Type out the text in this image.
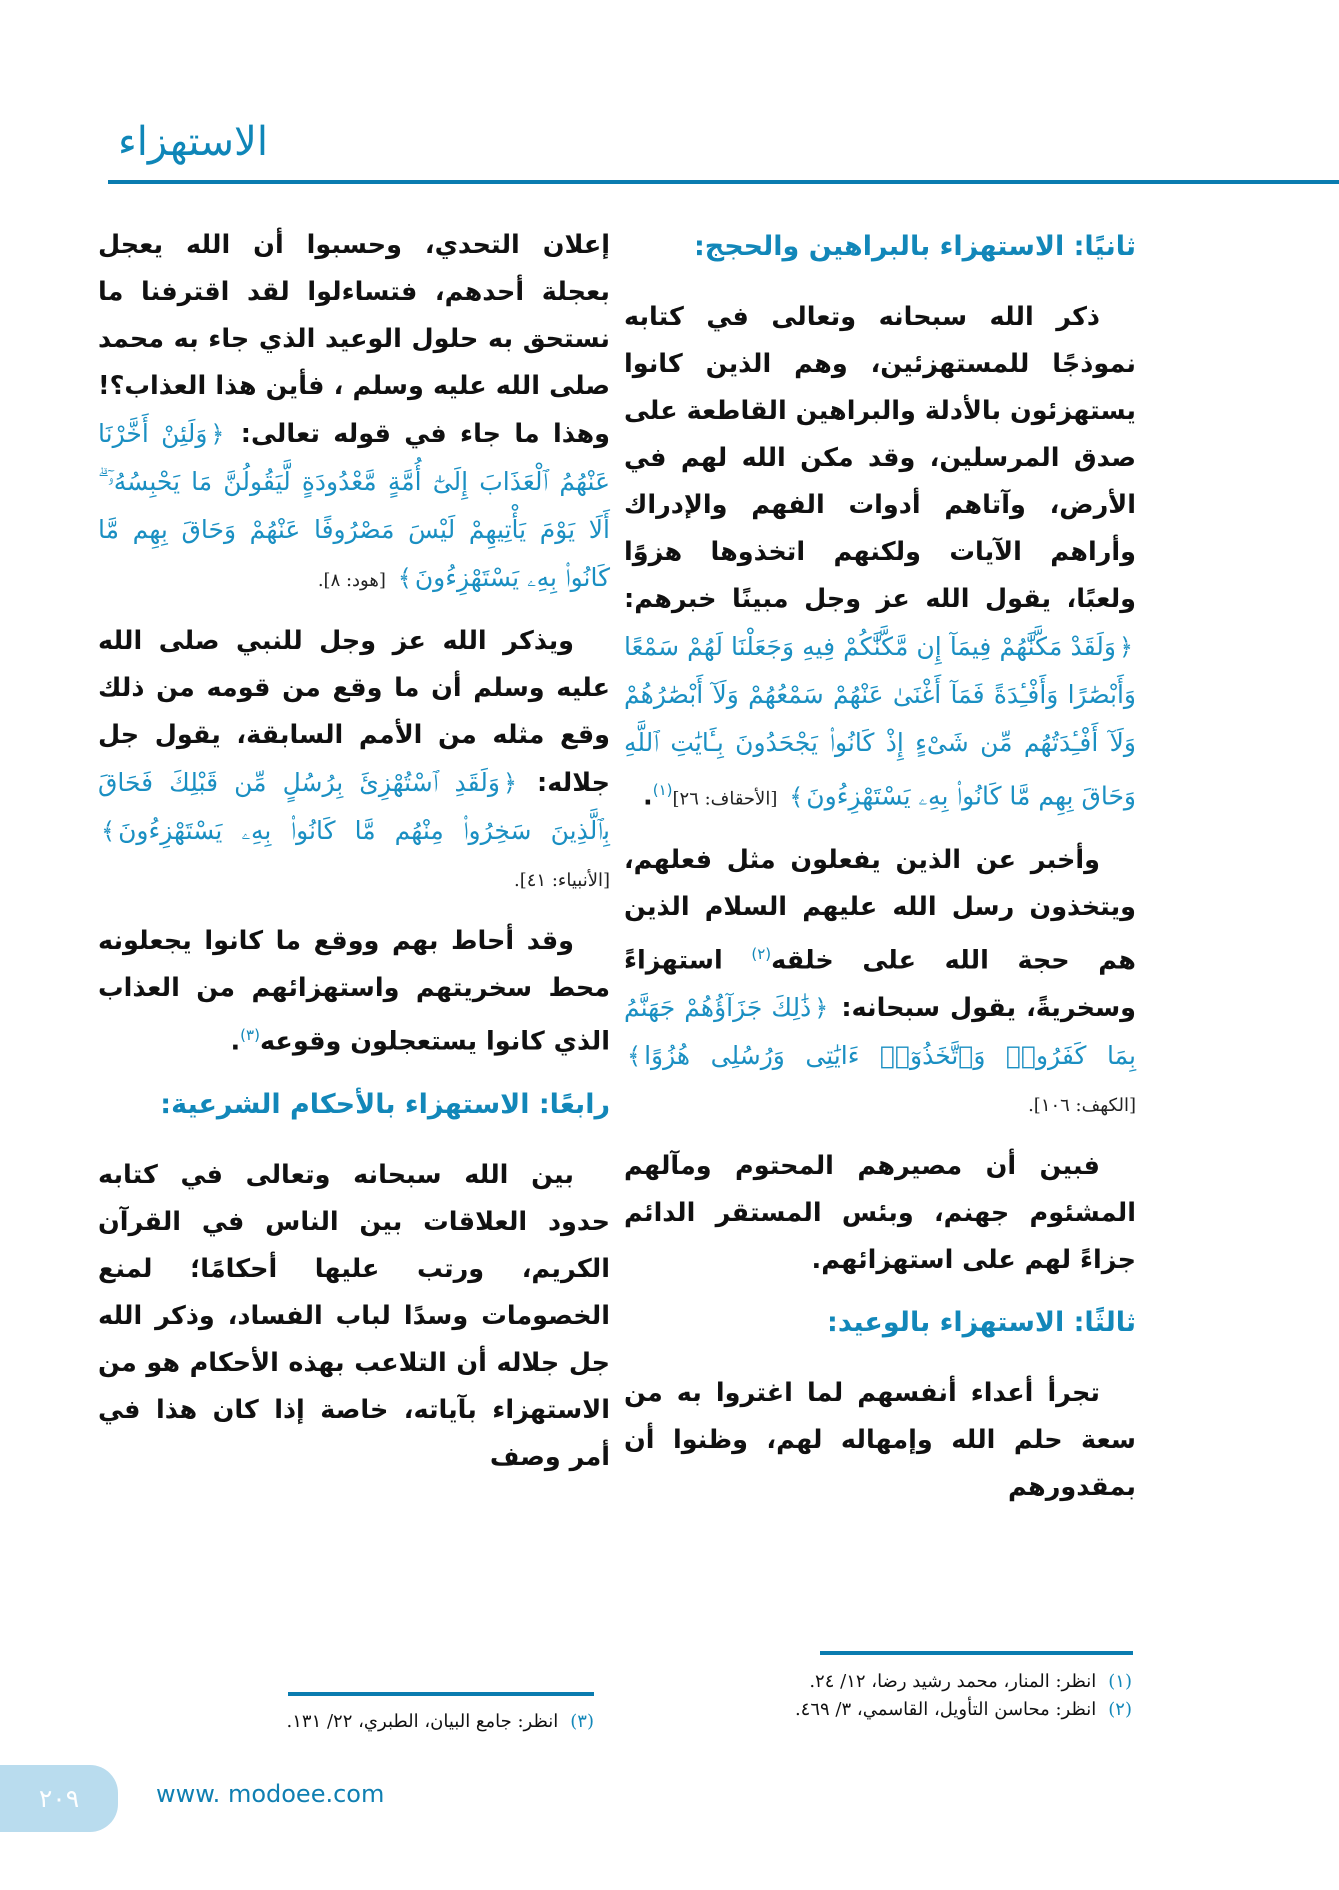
الاستهزاء
ثانيًا: الاستهزاء بالبراهين والحجج:

ذكر الله سبحانه وتعالى في كتابه نموذجًا للمستهزئين، وهم الذين كانوا يستهزئون بالأدلة والبراهين القاطعة على صدق المرسلين، وقد مكن الله لهم في الأرض، وآتاهم أدوات الفهم والإدراك وأراهم الآيات ولكنهم اتخذوها هزوًا ولعبًا، يقول الله عز وجل مبينًا خبرهم: ﴿وَلَقَدْ مَكَّنَّٰهُمْ فِيمَآ إِن مَّكَّنَّٰكُمْ فِيهِ وَجَعَلْنَا لَهُمْ سَمْعًا وَأَبْصَٰرًا وَأَفْـِٔدَةً فَمَآ أَغْنَىٰ عَنْهُمْ سَمْعُهُمْ وَلَآ أَبْصَٰرُهُمْ وَلَآ أَفْـِٔدَتُهُم مِّن شَىْءٍ إِذْ كَانُوا۟ يَجْحَدُونَ بِـَٔايَٰتِ ٱللَّهِ وَحَاقَ بِهِم مَّا كَانُوا۟ بِهِۦ يَسْتَهْزِءُونَ﴾ [الأحقاف: ٢٦]$^{(١)}$.

وأخبر عن الذين يفعلون مثل فعلهم، ويتخذون رسل الله عليهم السلام الذين هم حجة الله على خلقه$^{(٢)}$ استهزاءً وسخريةً، يقول سبحانه: ﴿ذَٰلِكَ جَزَآؤُهُمْ جَهَنَّمُ بِمَا كَفَرُوا۟ وَٱتَّخَذُوٓا۟ ءَايَٰتِى وَرُسُلِى هُزُوًا﴾ [الكهف: ١٠٦].

فبين أن مصيرهم المحتوم ومآلهم المشئوم جهنم، وبئس المستقر الدائم جزاءً لهم على استهزائهم.

ثالثًا: الاستهزاء بالوعيد:

تجرأ أعداء أنفسهم لما اغتروا به من سعة حلم الله وإمهاله لهم، وظنوا أن بمقدورهم

إعلان التحدي، وحسبوا أن الله يعجل بعجلة أحدهم، فتساءلوا لقد اقترفنا ما نستحق به حلول الوعيد الذي جاء به محمد صلى الله عليه وسلم ، فأين هذا العذاب؟! وهذا ما جاء في قوله تعالى: ﴿وَلَئِنْ أَخَّرْنَا عَنْهُمُ ٱلْعَذَابَ إِلَىٰٓ أُمَّةٍ مَّعْدُودَةٍ لَّيَقُولُنَّ مَا يَحْبِسُهُۥٓ ۗ أَلَا يَوْمَ يَأْتِيهِمْ لَيْسَ مَصْرُوفًا عَنْهُمْ وَحَاقَ بِهِم مَّا كَانُوا۟ بِهِۦ يَسْتَهْزِءُونَ﴾ [هود: ٨].

ويذكر الله عز وجل للنبي صلى الله عليه وسلم أن ما وقع من قومه من ذلك وقع مثله من الأمم السابقة، يقول جل جلاله: ﴿وَلَقَدِ ٱسْتُهْزِئَ بِرُسُلٍ مِّن قَبْلِكَ فَحَاقَ بِٱلَّذِينَ سَخِرُوا۟ مِنْهُم مَّا كَانُوا۟ بِهِۦ يَسْتَهْزِءُونَ﴾ [الأنبياء: ٤١].

وقد أحاط بهم ووقع ما كانوا يجعلونه محط سخريتهم واستهزائهم من العذاب الذي كانوا يستعجلون وقوعه$^{(٣)}$.

رابعًا: الاستهزاء بالأحكام الشرعية:

بين الله سبحانه وتعالى في كتابه حدود العلاقات بين الناس في القرآن الكريم، ورتب عليها أحكامًا؛ لمنع الخصومات وسدًا لباب الفساد، وذكر الله جل جلاله أن التلاعب بهذه الأحكام هو من الاستهزاء بآياته، خاصة إذا كان هذا في أمر وصف

(١)انظر: المنار، محمد رشيد رضا، ١٢/ ٢٤.
(٢)انظر: محاسن التأويل، القاسمي، ٣/ ٤٦٩.
(٣)انظر: جامع البيان، الطبري، ٢٢/ ١٣١.
٢٠٩	www. modoee.com
